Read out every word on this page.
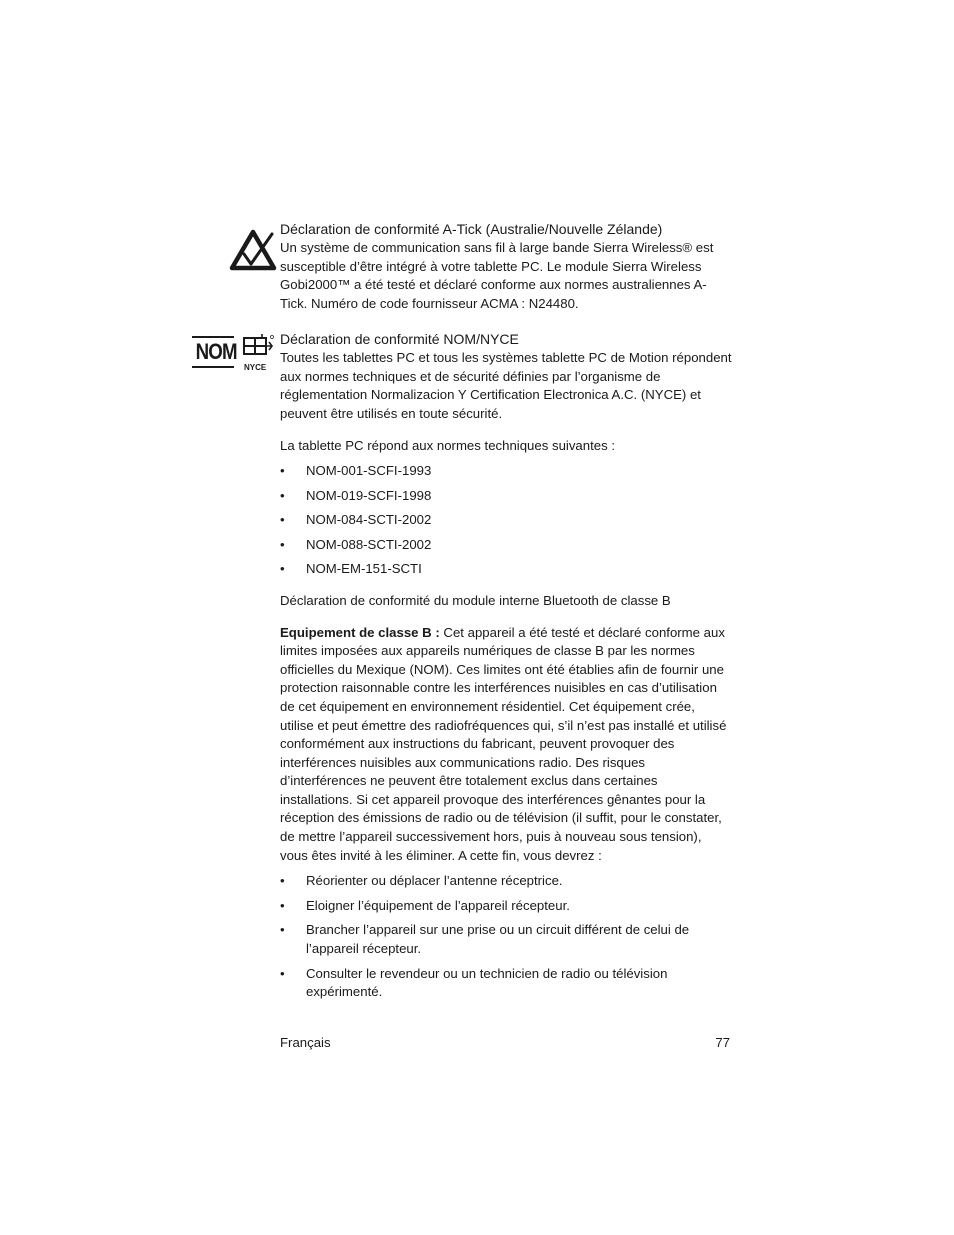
Déclaration de conformité A-Tick (Australie/Nouvelle Zélande)

Un système de communication sans fil à large bande Sierra Wireless® est susceptible d’être intégré à votre tablette PC. Le module Sierra Wireless Gobi2000™ a été testé et déclaré conforme aux normes australiennes A-Tick. Numéro de code fournisseur ACMA : N24480.

NOM
NYCE

Déclaration de conformité NOM/NYCE

Toutes les tablettes PC et tous les systèmes tablette PC de Motion répondent aux normes techniques et de sécurité définies par l’organisme de réglementation Normalizacion Y Certification Electronica A.C. (NYCE) et peuvent être utilisés en toute sécurité.

La tablette PC répond aux normes techniques suivantes :

• NOM-001-SCFI-1993
• NOM-019-SCFI-1998
• NOM-084-SCTI-2002
• NOM-088-SCTI-2002
• NOM-EM-151-SCTI

Déclaration de conformité du module interne Bluetooth de classe B

Equipement de classe B : Cet appareil a été testé et déclaré conforme aux limites imposées aux appareils numériques de classe B par les normes officielles du Mexique (NOM). Ces limites ont été établies afin de fournir une protection raisonnable contre les interférences nuisibles en cas d’utilisation de cet équipement en environnement résidentiel. Cet équipement crée, utilise et peut émettre des radiofréquences qui, s’il n’est pas installé et utilisé conformément aux instructions du fabricant, peuvent provoquer des interférences nuisibles aux communications radio. Des risques d’interférences ne peuvent être totalement exclus dans certaines installations. Si cet appareil provoque des interférences gênantes pour la réception des émissions de radio ou de télévision (il suffit, pour le constater, de mettre l’appareil successivement hors, puis à nouveau sous tension), vous êtes invité à les éliminer. A cette fin, vous devrez :

• Réorienter ou déplacer l’antenne réceptrice.
• Eloigner l’équipement de l’appareil récepteur.
• Brancher l’appareil sur une prise ou un circuit différent de celui de l’appareil récepteur.
• Consulter le revendeur ou un technicien de radio ou télévision expérimenté.
Français	77
